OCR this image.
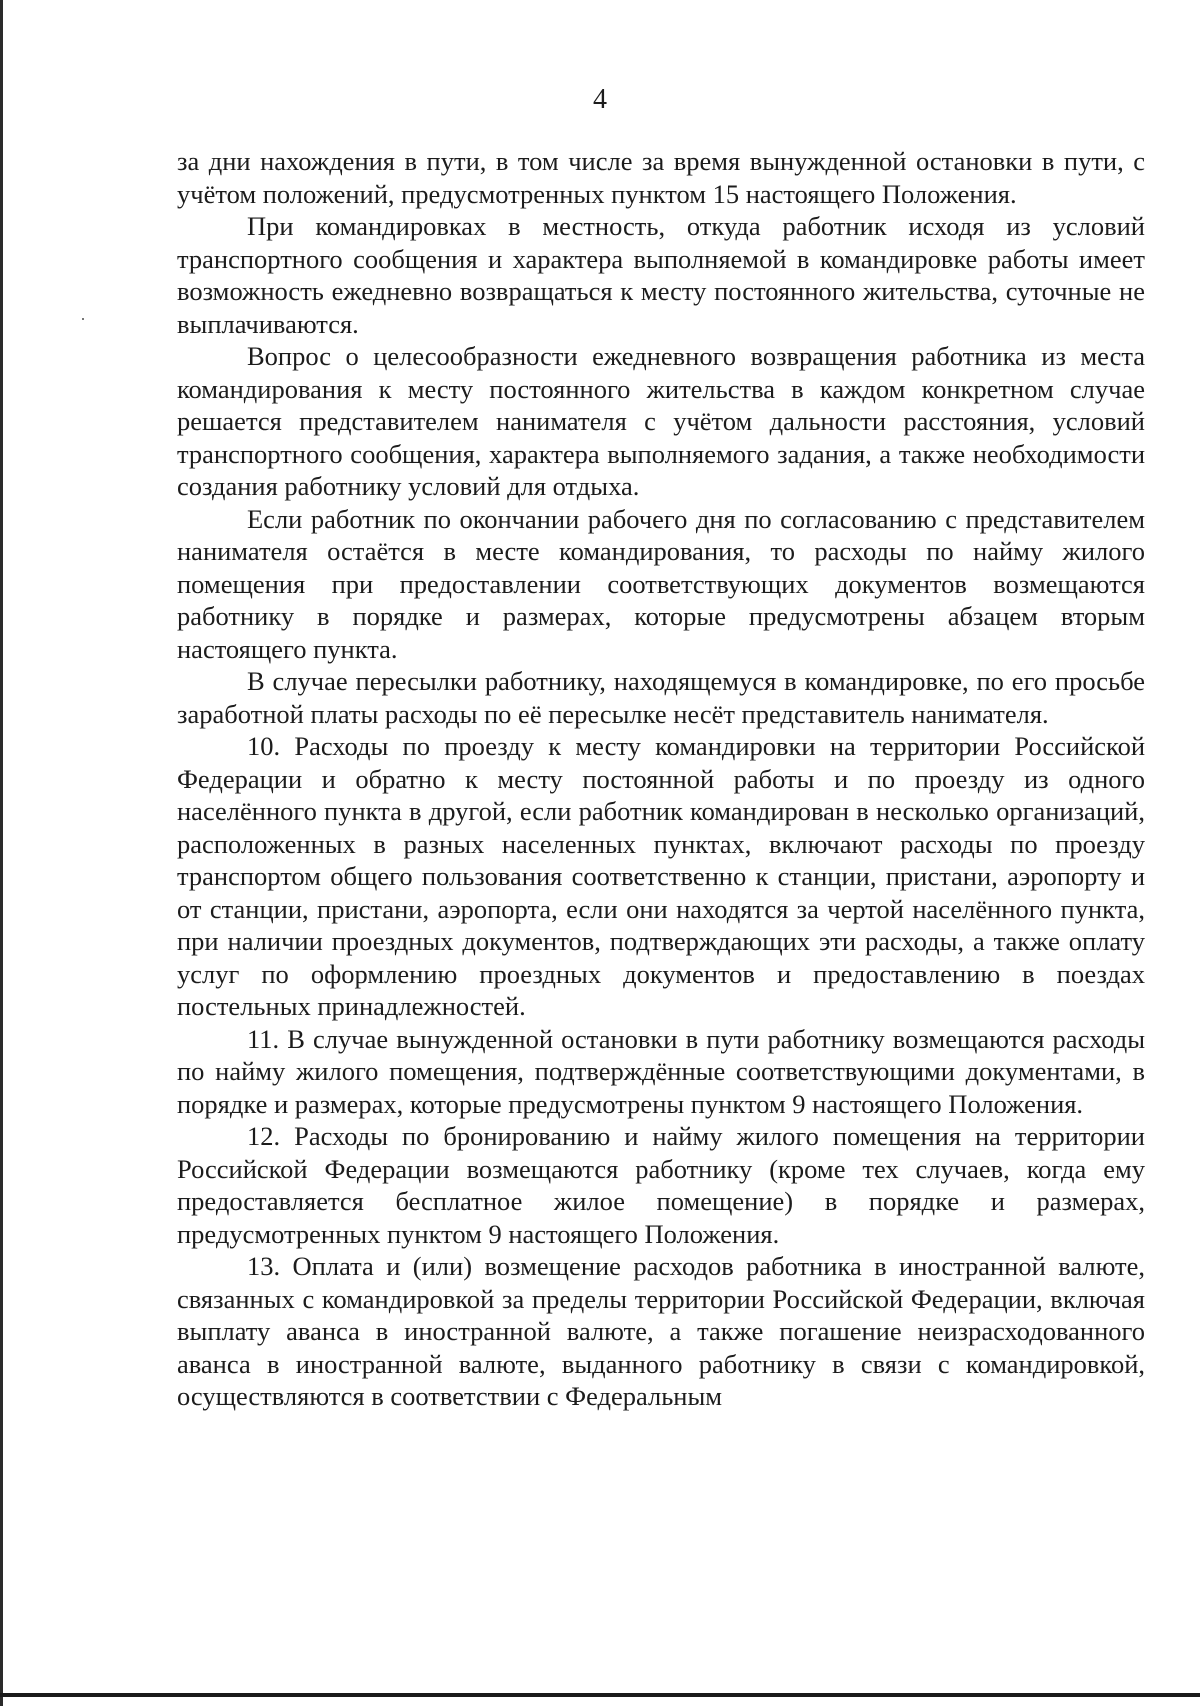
4

за дни нахождения в пути, в том числе за время вынужденной остановки в пути, с учётом положений, предусмотренных пунктом 15 настоящего Положения.

При командировках в местность, откуда работник исходя из условий транспортного сообщения и характера выполняемой в командировке работы имеет возможность ежедневно возвращаться к месту постоянного жительства, суточные не выплачиваются.

Вопрос о целесообразности ежедневного возвращения работника из места командирования к месту постоянного жительства в каждом конкретном случае решается представителем нанимателя с учётом дальности расстояния, условий транспортного сообщения, характера выполняемого задания, а также необходимости создания работнику условий для отдыха.

Если работник по окончании рабочего дня по согласованию с представителем нанимателя остаётся в месте командирования, то расходы по найму жилого помещения при предоставлении соответствующих документов возмещаются работнику в порядке и размерах, которые предусмотрены абзацем вторым настоящего пункта.

В случае пересылки работнику, находящемуся в командировке, по его просьбе заработной платы расходы по её пересылке несёт представитель нанимателя.

10. Расходы по проезду к месту командировки на территории Российской Федерации и обратно к месту постоянной работы и по проезду из одного населённого пункта в другой, если работник командирован в несколько организаций, расположенных в разных населенных пунктах, включают расходы по проезду транспортом общего пользования соответственно к станции, пристани, аэропорту и от станции, пристани, аэропорта, если они находятся за чертой населённого пункта, при наличии проездных документов, подтверждающих эти расходы, а также оплату услуг по оформлению проездных документов и предоставлению в поездах постельных принадлежностей.

11. В случае вынужденной остановки в пути работнику возмещаются расходы по найму жилого помещения, подтверждённые соответствующими документами, в порядке и размерах, которые предусмотрены пунктом 9 настоящего Положения.

12. Расходы по бронированию и найму жилого помещения на территории Российской Федерации возмещаются работнику (кроме тех случаев, когда ему предоставляется бесплатное жилое помещение) в порядке и размерах, предусмотренных пунктом 9 настоящего Положения.

13. Оплата и (или) возмещение расходов работника в иностранной валюте, связанных с командировкой за пределы территории Российской Федерации, включая выплату аванса в иностранной валюте, а также погашение неизрасходованного аванса в иностранной валюте, выданного работнику в связи с командировкой, осуществляются в соответствии с Федеральным
